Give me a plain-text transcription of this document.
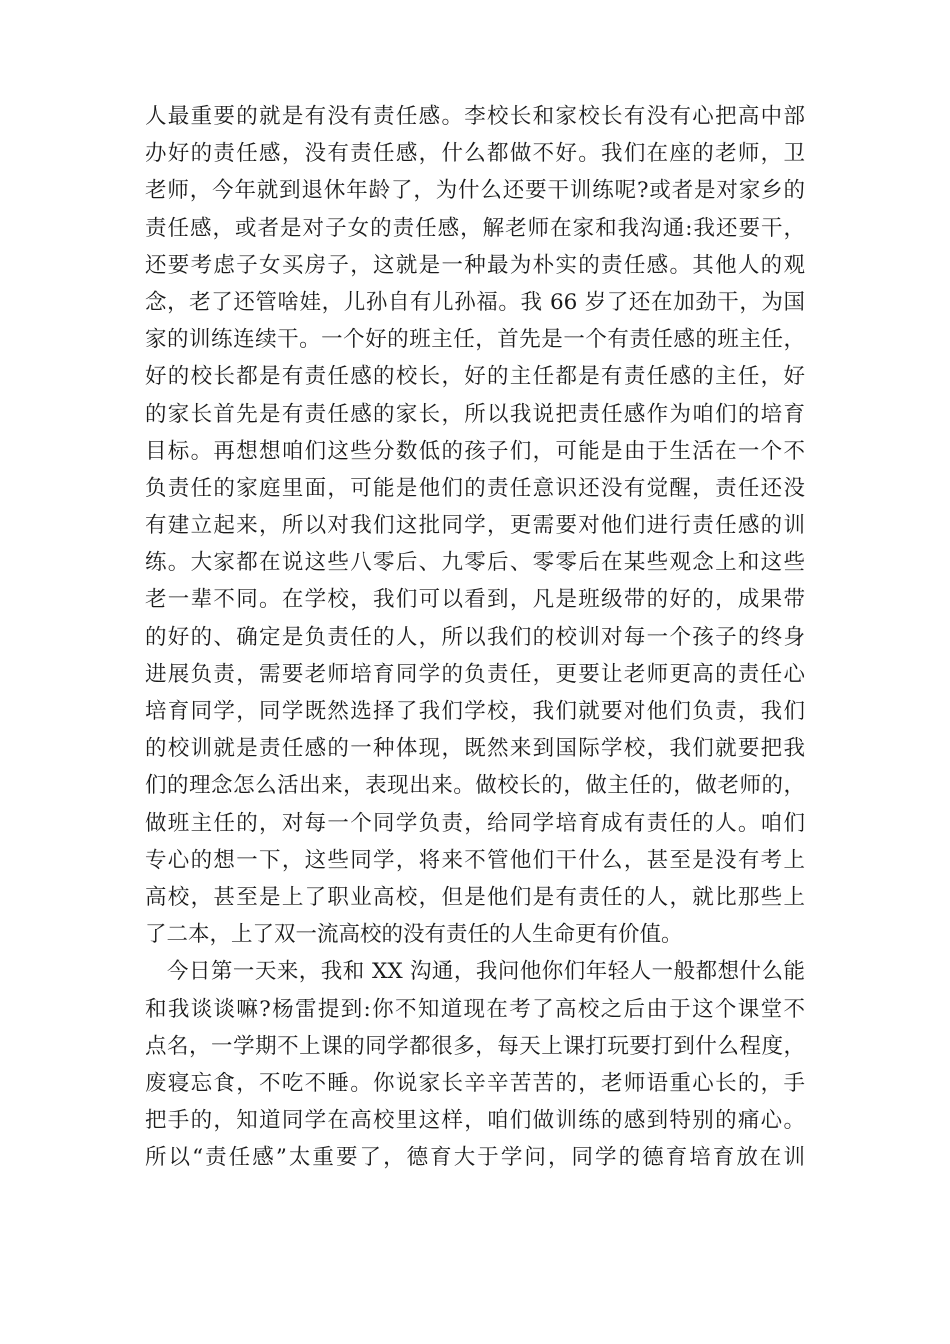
人最重要的就是有没有责任感。李校长和家校长有没有心把高中部
办好的责任感，没有责任感，什么都做不好。我们在座的老师，卫
老师，今年就到退休年龄了，为什么还要干训练呢?或者是对家乡的
责任感，或者是对子女的责任感，解老师在家和我沟通:我还要干，
还要考虑子女买房子，这就是一种最为朴实的责任感。其他人的观
念，老了还管啥娃，儿孙自有儿孙福。我 66 岁了还在加劲干，为国
家的训练连续干。一个好的班主任，首先是一个有责任感的班主任，
好的校长都是有责任感的校长，好的主任都是有责任感的主任，好
的家长首先是有责任感的家长，所以我说把责任感作为咱们的培育
目标。再想想咱们这些分数低的孩子们，可能是由于生活在一个不
负责任的家庭里面，可能是他们的责任意识还没有觉醒，责任还没
有建立起来，所以对我们这批同学，更需要对他们进行责任感的训
练。大家都在说这些八零后、九零后、零零后在某些观念上和这些
老一辈不同。在学校，我们可以看到，凡是班级带的好的，成果带
的好的、确定是负责任的人，所以我们的校训对每一个孩子的终身
进展负责，需要老师培育同学的负责任，更要让老师更高的责任心
培育同学，同学既然选择了我们学校，我们就要对他们负责，我们
的校训就是责任感的一种体现，既然来到国际学校，我们就要把我
们的理念怎么活出来，表现出来。做校长的，做主任的，做老师的，
做班主任的，对每一个同学负责，给同学培育成有责任的人。咱们
专心的想一下，这些同学，将来不管他们干什么，甚至是没有考上
高校，甚至是上了职业高校，但是他们是有责任的人，就比那些上
了二本，上了双一流高校的没有责任的人生命更有价值。
　今日第一天来，我和 XX 沟通，我问他你们年轻人一般都想什么能
和我谈谈嘛?杨雷提到:你不知道现在考了高校之后由于这个课堂不
点名，一学期不上课的同学都很多，每天上课打玩要打到什么程度，
废寝忘食，不吃不睡。你说家长辛辛苦苦的，老师语重心长的，手
把手的，知道同学在高校里这样，咱们做训练的感到特别的痛心。
所以“责任感”太重要了，德育大于学问，同学的德育培育放在训
